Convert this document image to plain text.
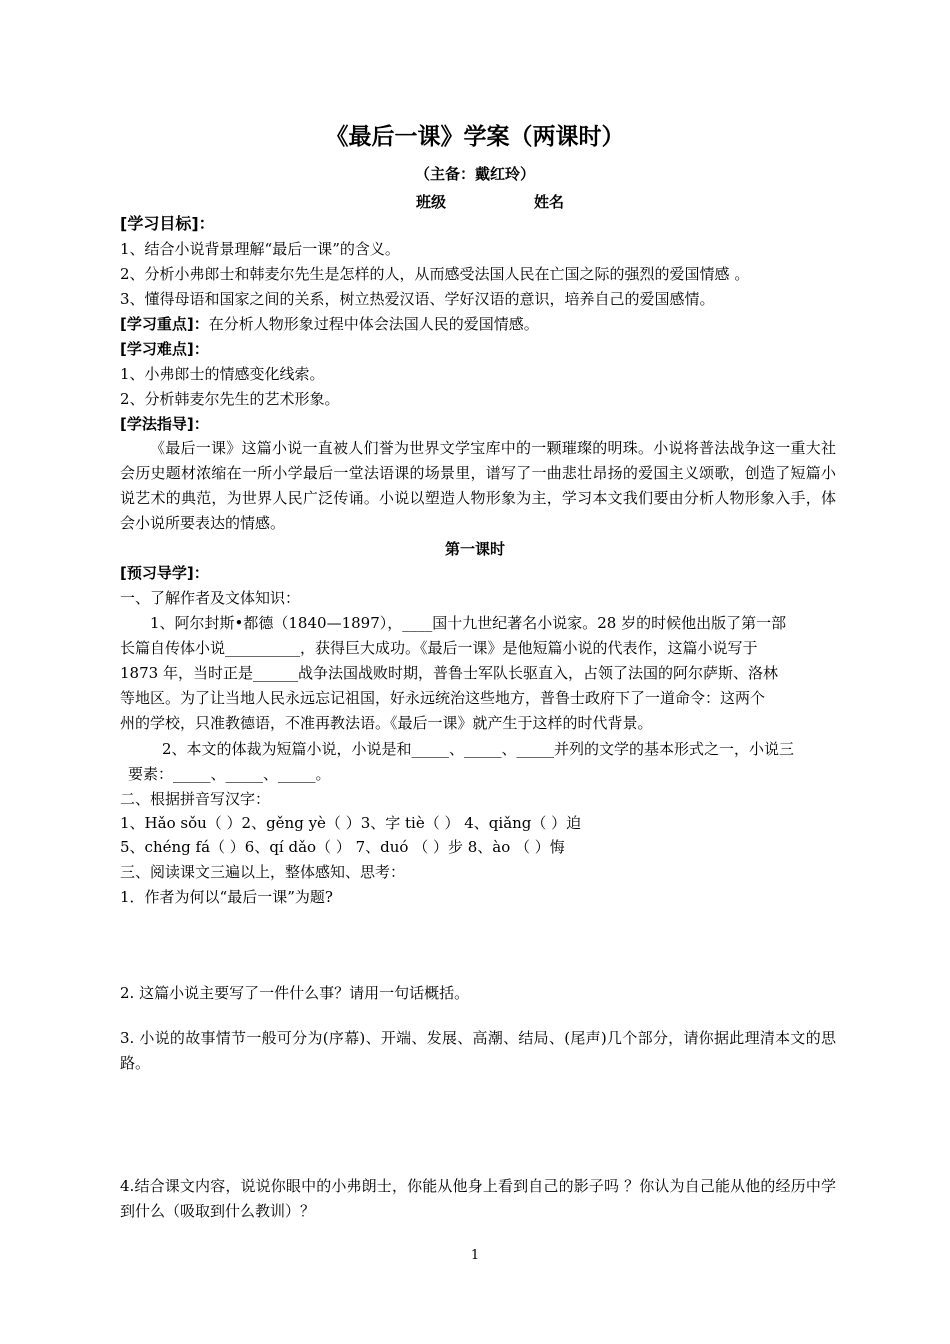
《最后一课》学案（两课时）
（主备：戴红玲）
班级	姓名
[学习目标]：
1、结合小说背景理解“最后一课”的含义。
2、分析小弗郎士和韩麦尔先生是怎样的人，从而感受法国人民在亡国之际的强烈的爱国情感 。
3、懂得母语和国家之间的关系，树立热爱汉语、学好汉语的意识，培养自己的爱国感情。
[学习重点]：在分析人物形象过程中体会法国人民的爱国情感。
[学习难点]：
1、小弗郎士的情感变化线索。
2、分析韩麦尔先生的艺术形象。
[学法指导]：
《最后一课》这篇小说一直被人们誉为世界文学宝库中的一颗璀璨的明珠。小说将普法战争这一重大社会历史题材浓缩在一所小学最后一堂法语课的场景里，谱写了一曲悲壮昂扬的爱国主义颂歌，创造了短篇小说艺术的典范，为世界人民广泛传诵。小说以塑造人物形象为主，学习本文我们要由分析人物形象入手，体会小说所要表达的情感。
第一课时
[预习导学]：
一、了解作者及文体知识：
1、阿尔封斯•都德（1840—1897），____国十九世纪著名小说家。28 岁的时候他出版了第一部
长篇自传体小说__________，获得巨大成功。《最后一课》是他短篇小说的代表作，这篇小说写于
1873 年，当时正是______战争法国战败时期，普鲁士军队长驱直入，占领了法国的阿尔萨斯、洛林
等地区。为了让当地人民永远忘记祖国，好永远统治这些地方，普鲁士政府下了一道命令：这两个
州的学校，只准教德语，不准再教法语。《最后一课》就产生于这样的时代背景。
2、本文的体裁为短篇小说，小说是和_____、_____、_____并列的文学的基本形式之一，小说三
要素：_____、_____、_____。
二、根据拼音写汉字：
1、Hǎo sǒu（ ）2、gěng yè（ ）3、字 tiè（ ） 4、qiǎng（ ）迫
5、chéng fá（ ）6、qí dǎo（ ） 7、duó （ ）步 8、ào （ ）悔
三、阅读课文三遍以上，整体感知、思考：
1．作者为何以“最后一课”为题?
2. 这篇小说主要写了一件什么事？请用一句话概括。
3. 小说的故事情节一般可分为(序幕)、开端、发展、高潮、结局、(尾声)几个部分，请你据此理清本文的思路。
4.结合课文内容，说说你眼中的小弗朗士，你能从他身上看到自己的影子吗 ？你认为自己能从他的经历中学到什么（吸取到什么教训）？
1
